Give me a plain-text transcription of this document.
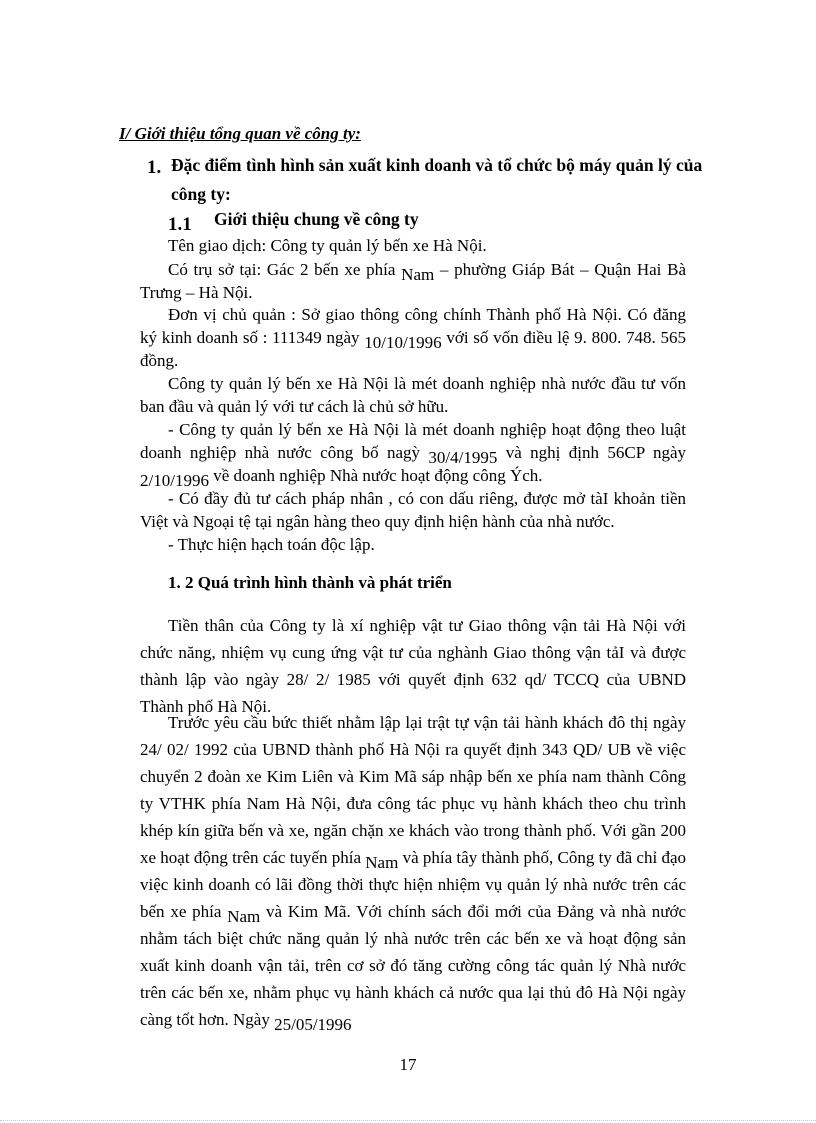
I/ Giới thiệu tổng quan về công ty:
1. Đặc điểm tình hình sản xuất kinh doanh và tổ chức bộ máy quản lý của công ty:
1.1 Giới thiệu chung về công ty

Tên giao dịch: Công ty quản lý bến xe Hà Nội.

Có trụ sở tại: Gác 2 bến xe phía Nam – phường Giáp Bát – Quận Hai Bà Trưng – Hà Nội.

Đơn vị chủ quản : Sở giao thông công chính Thành phố Hà Nội. Có đăng ký kinh doanh số : 111349 ngày 10/10/1996 với số vốn điều lệ 9. 800. 748. 565 đồng.

Công ty quản lý bến xe Hà Nội là mét doanh nghiệp nhà nước đầu tư vốn ban đầu và quản lý với tư cách là chủ sở hữu.

- Công ty quản lý bến xe Hà Nội là mét doanh nghiệp hoạt động theo luật doanh nghiệp nhà nước công bố nagỳ 30/4/1995 và nghị định 56CP ngày 2/10/1996 về doanh nghiệp Nhà nước hoạt động công Ých.

- Có đầy đủ tư cách pháp nhân , có con dấu riêng, được mở tàI khoản tiền Việt và Ngoại tệ tại ngân hàng theo quy định hiện hành của nhà nước.

- Thực hiện hạch toán độc lập.

1. 2 Quá trình hình thành và phát triển

Tiền thân của Công ty là xí nghiệp vật tư Giao thông vận tải Hà Nội với chức năng, nhiệm vụ cung ứng vật tư của nghành Giao thông vận tảI và được thành lập vào ngày 28/ 2/ 1985 với quyết định 632 qd/ TCCQ của UBND Thành phố Hà Nội.

Trước yêu cầu bức thiết nhằm lập lại trật tự vận tải hành khách đô thị ngày 24/ 02/ 1992 của UBND thành phố Hà Nội ra quyết định 343 QD/ UB về việc chuyển 2 đoàn xe Kim Liên và Kim Mã sáp nhập bến xe phía nam thành Công ty VTHK phía Nam Hà Nội, đưa công tác phục vụ hành khách theo chu trình khép kín giữa bến và xe, ngăn chặn xe khách vào trong thành phố. Với gần 200 xe hoạt động trên các tuyến phía Nam và phía tây thành phố, Công ty đã chỉ đạo việc kinh doanh có lãi đồng thời thực hiện nhiệm vụ quản lý nhà nước trên các bến xe phía Nam và Kim Mã. Với chính sách đổi mới của Đảng và nhà nước nhằm tách biệt chức năng quản lý nhà nước trên các bến xe và hoạt động sản xuất kinh doanh vận tải, trên cơ sở đó tăng cường công tác quản lý Nhà nước trên các bến xe, nhằm phục vụ hành khách cả nước qua lại thủ đô Hà Nội ngày càng tốt hơn. Ngày 25/05/1996

17
